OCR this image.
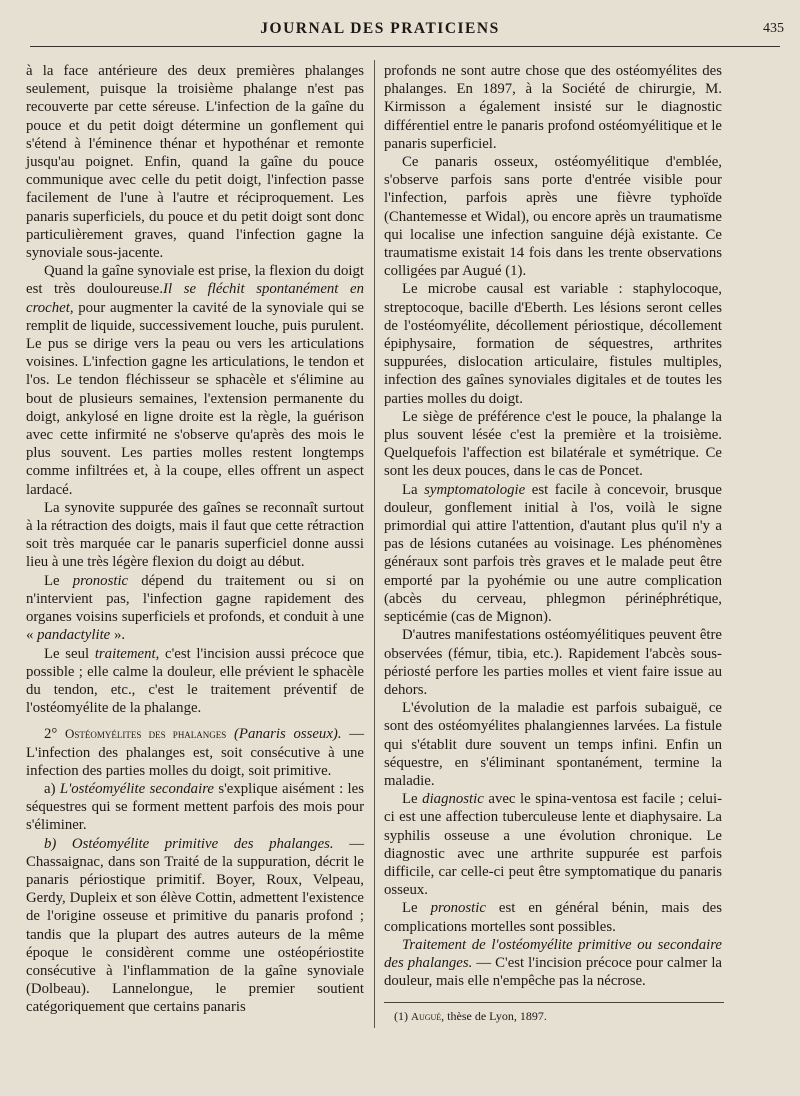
JOURNAL DES PRATICIENS	435

à la face antérieure des deux premières phalanges seulement, puisque la troisième phalange n'est pas recouverte par cette séreuse. L'infection de la gaîne du pouce et du petit doigt détermine un gonflement qui s'étend à l'éminence thénar et hypothénar et remonte jusqu'au poignet. Enfin, quand la gaîne du pouce communique avec celle du petit doigt, l'infection passe facilement de l'une à l'autre et réciproquement. Les panaris superficiels, du pouce et du petit doigt sont donc particulièrement graves, quand l'infection gagne la synoviale sous-jacente.

Quand la gaîne synoviale est prise, la flexion du doigt est très douloureuse.Il se fléchit spontanément en crochet, pour augmenter la cavité de la synoviale qui se remplit de liquide, successivement louche, puis purulent. Le pus se dirige vers la peau ou vers les articulations voisines. L'infection gagne les articulations, le tendon et l'os. Le tendon fléchisseur se sphacèle et s'élimine au bout de plusieurs semaines, l'extension permanente du doigt, ankylosé en ligne droite est la règle, la guérison avec cette infirmité ne s'observe qu'après des mois le plus souvent. Les parties molles restent longtemps comme infiltrées et, à la coupe, elles offrent un aspect lardacé.

La synovite suppurée des gaînes se reconnaît surtout à la rétraction des doigts, mais il faut que cette rétraction soit très marquée car le panaris superficiel donne aussi lieu à une très légère flexion du doigt au début.

Le pronostic dépend du traitement ou si on n'intervient pas, l'infection gagne rapidement des organes voisins superficiels et profonds, et conduit à une « pandactylite ».

Le seul traitement, c'est l'incision aussi précoce que possible ; elle calme la douleur, elle prévient le sphacèle du tendon, etc., c'est le traitement préventif de l'ostéomyélite de la phalange.

2° Ostéomyélites des phalanges (Panaris osseux). — L'infection des phalanges est, soit consécutive à une infection des parties molles du doigt, soit primitive.

a) L'ostéomyélite secondaire s'explique aisément : les séquestres qui se forment mettent parfois des mois pour s'éliminer.

b) Ostéomyélite primitive des phalanges. — Chassaignac, dans son Traité de la suppuration, décrit le panaris périostique primitif. Boyer, Roux, Velpeau, Gerdy, Dupleix et son élève Cottin, admettent l'existence de l'origine osseuse et primitive du panaris profond ; tandis que la plupart des autres auteurs de la même époque le considèrent comme une ostéopériostite consécutive à l'inflammation de la gaîne synoviale (Dolbeau). Lannelongue, le premier soutient catégoriquement que certains panaris

profonds ne sont autre chose que des ostéomyélites des phalanges. En 1897, à la Société de chirurgie, M. Kirmisson a également insisté sur le diagnostic différentiel entre le panaris profond ostéomyélitique et le panaris superficiel.

Ce panaris osseux, ostéomyélitique d'emblée, s'observe parfois sans porte d'entrée visible pour l'infection, parfois après une fièvre typhoïde (Chantemesse et Widal), ou encore après un traumatisme qui localise une infection sanguine déjà existante. Ce traumatisme existait 14 fois dans les trente observations colligées par Augué (1).

Le microbe causal est variable : staphylocoque, streptocoque, bacille d'Eberth. Les lésions seront celles de l'ostéomyélite, décollement périostique, décollement épiphysaire, formation de séquestres, arthrites suppurées, dislocation articulaire, fistules multiples, infection des gaînes synoviales digitales et de toutes les parties molles du doigt.

Le siège de préférence c'est le pouce, la phalange la plus souvent lésée c'est la première et la troisième. Quelquefois l'affection est bilatérale et symétrique. Ce sont les deux pouces, dans le cas de Poncet.

La symptomatologie est facile à concevoir, brusque douleur, gonflement initial à l'os, voilà le signe primordial qui attire l'attention, d'autant plus qu'il n'y a pas de lésions cutanées au voisinage. Les phénomènes généraux sont parfois très graves et le malade peut être emporté par la pyohémie ou une autre complication (abcès du cerveau, phlegmon périnéphrétique, septicémie (cas de Mignon).

D'autres manifestations ostéomyélitiques peuvent être observées (fémur, tibia, etc.). Rapidement l'abcès sous-périosté perfore les parties molles et vient faire issue au dehors.

L'évolution de la maladie est parfois subaiguë, ce sont des ostéomyélites phalangiennes larvées. La fistule qui s'établit dure souvent un temps infini. Enfin un séquestre, en s'éliminant spontanément, termine la maladie.

Le diagnostic avec le spina-ventosa est facile ; celui-ci est une affection tuberculeuse lente et diaphysaire. La syphilis osseuse a une évolution chronique. Le diagnostic avec une arthrite suppurée est parfois difficile, car celle-ci peut être symptomatique du panaris osseux.

Le pronostic est en général bénin, mais des complications mortelles sont possibles.

Traitement de l'ostéomyélite primitive ou secondaire des phalanges. — C'est l'incision précoce pour calmer la douleur, mais elle n'empêche pas la nécrose.

(1) Augué, thèse de Lyon, 1897.
